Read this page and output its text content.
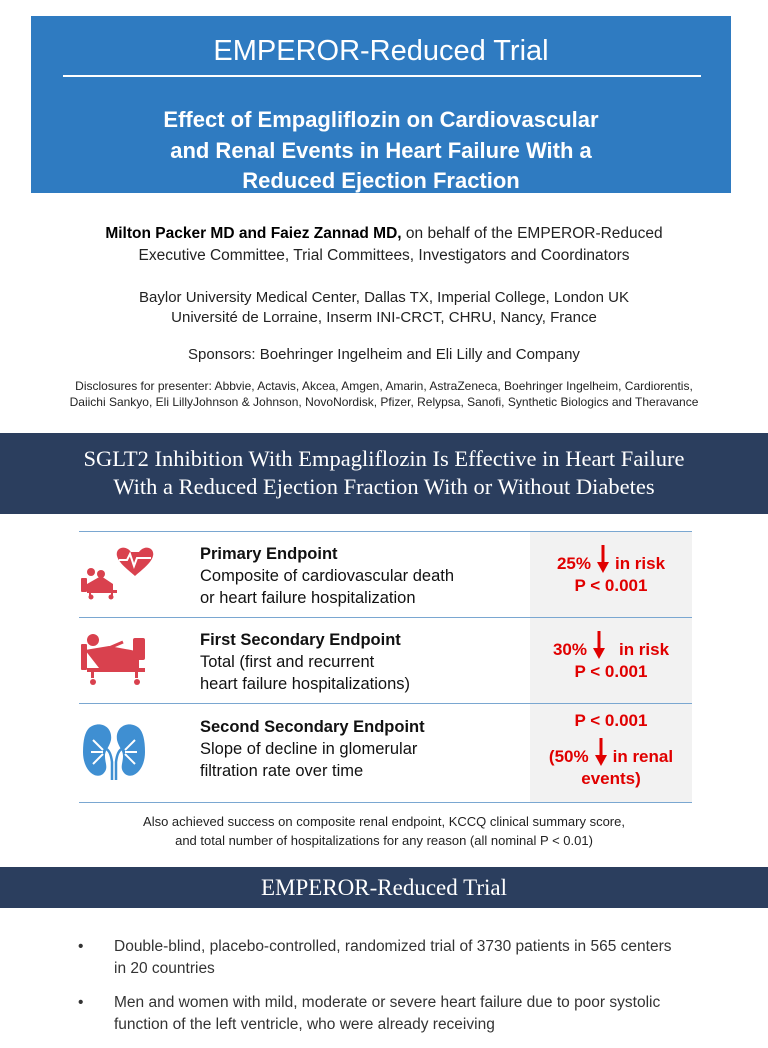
EMPEROR-Reduced Trial
Effect of Empagliflozin on Cardiovascular
and Renal Events in Heart Failure With a
Reduced Ejection Fraction
Milton Packer MD and Faiez Zannad MD, on behalf of the EMPEROR-Reduced
Executive Committee, Trial Committees, Investigators and Coordinators
Baylor University Medical Center, Dallas TX, Imperial College, London UK
Université de Lorraine, Inserm INI-CRCT, CHRU, Nancy, France
Sponsors: Boehringer Ingelheim and Eli Lilly and Company
Disclosures for presenter: Abbvie, Actavis, Akcea, Amgen, Amarin, AstraZeneca, Boehringer Ingelheim, Cardiorentis,
Daiichi Sankyo, Eli LillyJohnson & Johnson, NovoNordisk, Pfizer, Relypsa, Sanofi, Synthetic Biologics and Theravance
SGLT2 Inhibition With Empagliflozin Is Effective in Heart Failure
With a Reduced Ejection Fraction With or Without Diabetes
Primary Endpoint
Composite of cardiovascular death
or heart failure hospitalization
25% in risk
P < 0.001
First Secondary Endpoint
Total (first and recurrent
heart failure hospitalizations)
30% in risk
P < 0.001
Second Secondary Endpoint
Slope of decline in glomerular
filtration rate over time
P < 0.001
(50% in renal
events)
Also achieved success on composite renal endpoint, KCCQ clinical summary score,
and total number of hospitalizations for any reason (all nominal P < 0.01)
EMPEROR-Reduced Trial
• Double-blind, placebo-controlled, randomized trial of 3730 patients in 565 centers in 20 countries
• Men and women with mild, moderate or severe heart failure due to poor systolic function of the left ventricle, who were already receiving
